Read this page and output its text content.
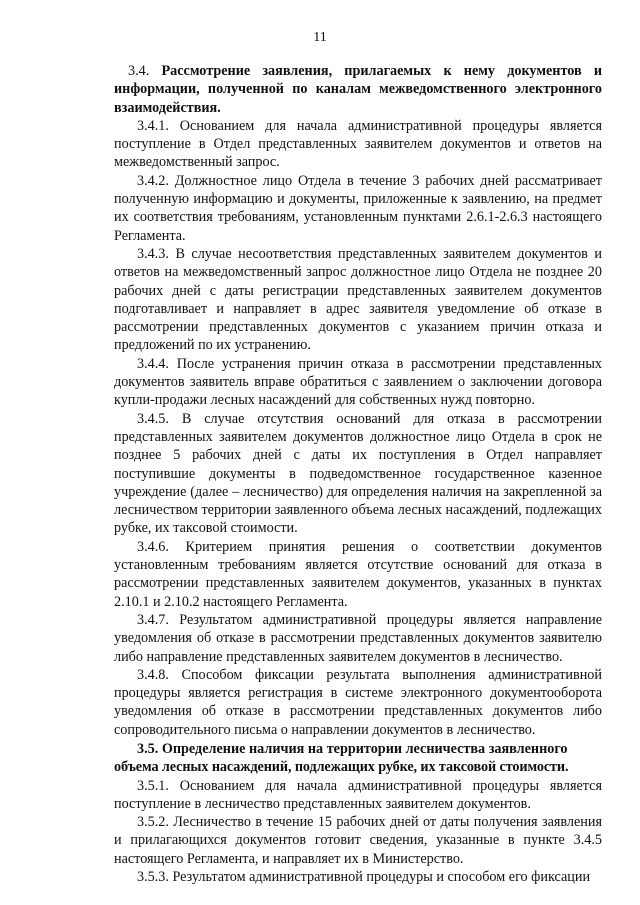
11

3.4. Рассмотрение заявления, прилагаемых к нему документов и информации, полученной по каналам межведомственного электронного взаимодействия.

3.4.1. Основанием для начала административной процедуры является поступление в Отдел представленных заявителем документов и ответов на межведомственный запрос.

3.4.2. Должностное лицо Отдела в течение 3 рабочих дней рассматривает полученную информацию и документы, приложенные к заявлению, на предмет их соответствия требованиям, установленным пунктами 2.6.1-2.6.3 настоящего Регламента.

3.4.3. В случае несоответствия представленных заявителем документов и ответов на межведомственный запрос должностное лицо Отдела не позднее 20 рабочих дней с даты регистрации представленных заявителем документов подготавливает и направляет в адрес заявителя уведомление об отказе в рассмотрении представленных документов с указанием причин отказа и предложений по их устранению.

3.4.4. После устранения причин отказа в рассмотрении представленных документов заявитель вправе обратиться с заявлением о заключении договора купли-продажи лесных насаждений для собственных нужд повторно.

3.4.5. В случае отсутствия оснований для отказа в рассмотрении представленных заявителем документов должностное лицо Отдела в срок не позднее 5 рабочих дней с даты их поступления в Отдел направляет поступившие документы в подведомственное государственное казенное учреждение (далее – лесничество) для определения наличия на закрепленной за лесничеством территории заявленного объема лесных насаждений, подлежащих рубке, их таксовой стоимости.

3.4.6. Критерием принятия решения о соответствии документов установленным требованиям является отсутствие оснований для отказа в рассмотрении представленных заявителем документов, указанных в пунктах 2.10.1 и 2.10.2 настоящего Регламента.

3.4.7. Результатом административной процедуры является направление уведомления об отказе в рассмотрении представленных документов заявителю либо направление представленных заявителем документов в лесничество.

3.4.8. Способом фиксации результата выполнения административной процедуры является регистрация в системе электронного документооборота уведомления об отказе в рассмотрении представленных документов либо сопроводительного письма о направлении документов в лесничество.

3.5. Определение наличия на территории лесничества заявленного
объема лесных насаждений, подлежащих рубке, их таксовой стоимости.

3.5.1. Основанием для начала административной процедуры является поступление в лесничество представленных заявителем документов.

3.5.2. Лесничество в течение 15 рабочих дней от даты получения заявления и прилагающихся документов готовит сведения, указанные в пункте 3.4.5 настоящего Регламента, и направляет их в Министерство.

3.5.3. Результатом административной процедуры и способом его фиксации
